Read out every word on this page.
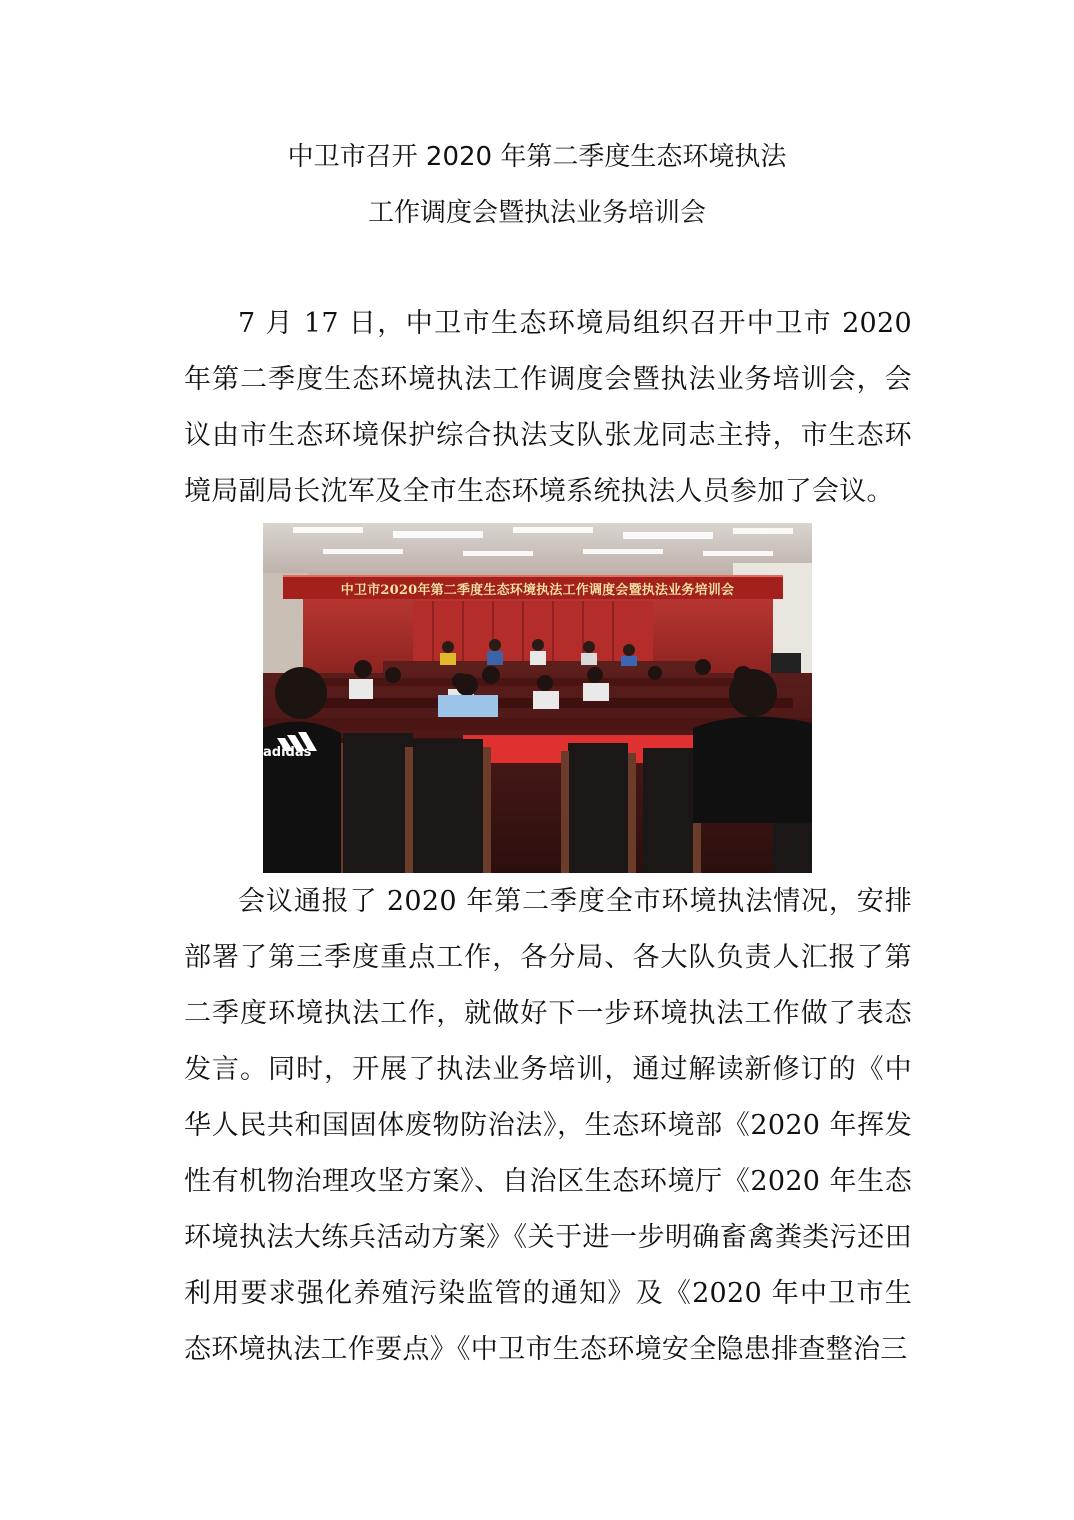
中卫市召开 2020 年第二季度生态环境执法
工作调度会暨执法业务培训会

7 月 17 日，中卫市生态环境局组织召开中卫市 2020 年第二季度生态环境执法工作调度会暨执法业务培训会，会议由市生态环境保护综合执法支队张龙同志主持，市生态环境局副局长沈军及全市生态环境系统执法人员参加了会议。

中卫市2020年第二季度生态环境执法工作调度会暨执法业务培训会
adidas

会议通报了 2020 年第二季度全市环境执法情况，安排部署了第三季度重点工作，各分局、各大队负责人汇报了第二季度环境执法工作，就做好下一步环境执法工作做了表态发言。同时，开展了执法业务培训，通过解读新修订的《中华人民共和国固体废物防治法》，生态环境部《2020 年挥发性有机物治理攻坚方案》、自治区生态环境厅《2020 年生态环境执法大练兵活动方案》《关于进一步明确畜禽粪类污还田利用要求强化养殖污染监管的通知》及《2020 年中卫市生态环境执法工作要点》《中卫市生态环境安全隐患排查整治三
